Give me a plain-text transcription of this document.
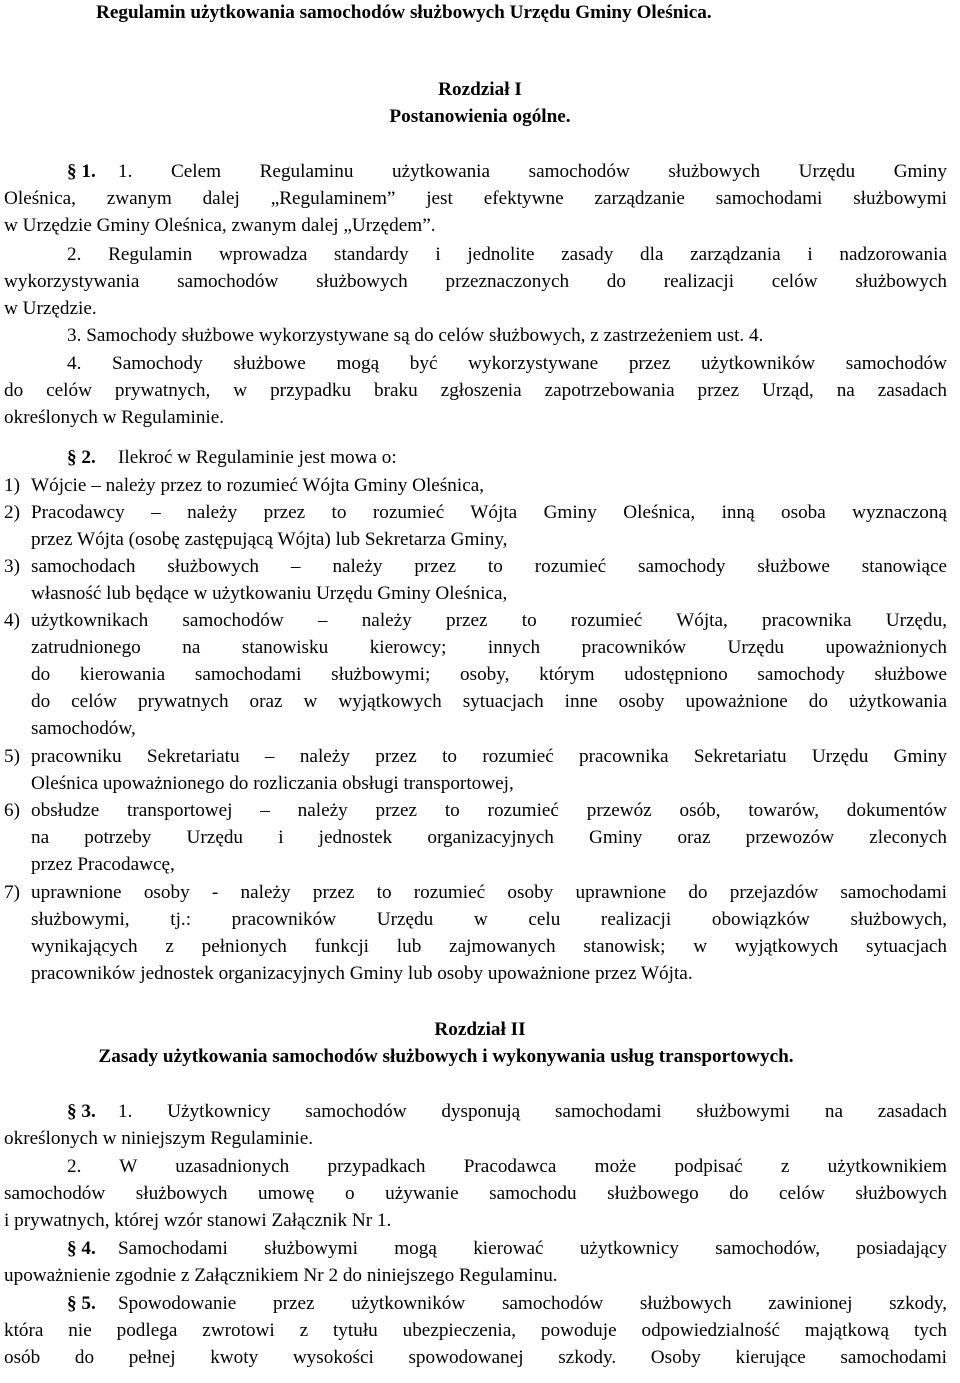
Regulamin użytkowania samochodów służbowych Urzędu Gminy Oleśnica.
Rozdział I
Postanowienia ogólne.
§ 1. 1. Celem Regulaminu użytkowania samochodów służbowych Urzędu Gminy
Oleśnica, zwanym dalej „Regulaminem” jest efektywne zarządzanie samochodami służbowymi
w Urzędzie Gminy Oleśnica, zwanym dalej „Urzędem”.
2. Regulamin wprowadza standardy i jednolite zasady dla zarządzania i nadzorowania
wykorzystywania samochodów służbowych przeznaczonych do realizacji celów służbowych
w Urzędzie.
3. Samochody służbowe wykorzystywane są do celów służbowych, z zastrzeżeniem ust. 4.
4. Samochody służbowe mogą być wykorzystywane przez użytkowników samochodów
do celów prywatnych, w przypadku braku zgłoszenia zapotrzebowania przez Urząd, na zasadach
określonych w Regulaminie.
§ 2. Ilekroć w Regulaminie jest mowa o:
1) Wójcie – należy przez to rozumieć Wójta Gminy Oleśnica,
2) Pracodawcy – należy przez to rozumieć Wójta Gminy Oleśnica, inną osoba wyznaczoną
przez Wójta (osobę zastępującą Wójta) lub Sekretarza Gminy,
3) samochodach służbowych – należy przez to rozumieć samochody służbowe stanowiące
własność lub będące w użytkowaniu Urzędu Gminy Oleśnica,
4) użytkownikach samochodów – należy przez to rozumieć Wójta, pracownika Urzędu,
zatrudnionego na stanowisku kierowcy; innych pracowników Urzędu upoważnionych
do kierowania samochodami służbowymi; osoby, którym udostępniono samochody służbowe
do celów prywatnych oraz w wyjątkowych sytuacjach inne osoby upoważnione do użytkowania
samochodów,
5) pracowniku Sekretariatu – należy przez to rozumieć pracownika Sekretariatu Urzędu Gminy
Oleśnica upoważnionego do rozliczania obsługi transportowej,
6) obsłudze transportowej – należy przez to rozumieć przewóz osób, towarów, dokumentów
na potrzeby Urzędu i jednostek organizacyjnych Gminy oraz przewozów zleconych
przez Pracodawcę,
7) uprawnione osoby - należy przez to rozumieć osoby uprawnione do przejazdów samochodami
służbowymi, tj.: pracowników Urzędu w celu realizacji obowiązków służbowych,
wynikających z pełnionych funkcji lub zajmowanych stanowisk; w wyjątkowych sytuacjach
pracowników jednostek organizacyjnych Gminy lub osoby upoważnione przez Wójta.
Rozdział II
Zasady użytkowania samochodów służbowych i wykonywania usług transportowych.
§ 3. 1. Użytkownicy samochodów dysponują samochodami służbowymi na zasadach
określonych w niniejszym Regulaminie.
2. W uzasadnionych przypadkach Pracodawca może podpisać z użytkownikiem
samochodów służbowych umowę o używanie samochodu służbowego do celów służbowych
i prywatnych, której wzór stanowi Załącznik Nr 1.
§ 4. Samochodami służbowymi mogą kierować użytkownicy samochodów, posiadający
upoważnienie zgodnie z Załącznikiem Nr 2 do niniejszego Regulaminu.
§ 5. Spowodowanie przez użytkowników samochodów służbowych zawinionej szkody,
która nie podlega zwrotowi z tytułu ubezpieczenia, powoduje odpowiedzialność majątkową tych
osób do pełnej kwoty wysokości spowodowanej szkody. Osoby kierujące samochodami
